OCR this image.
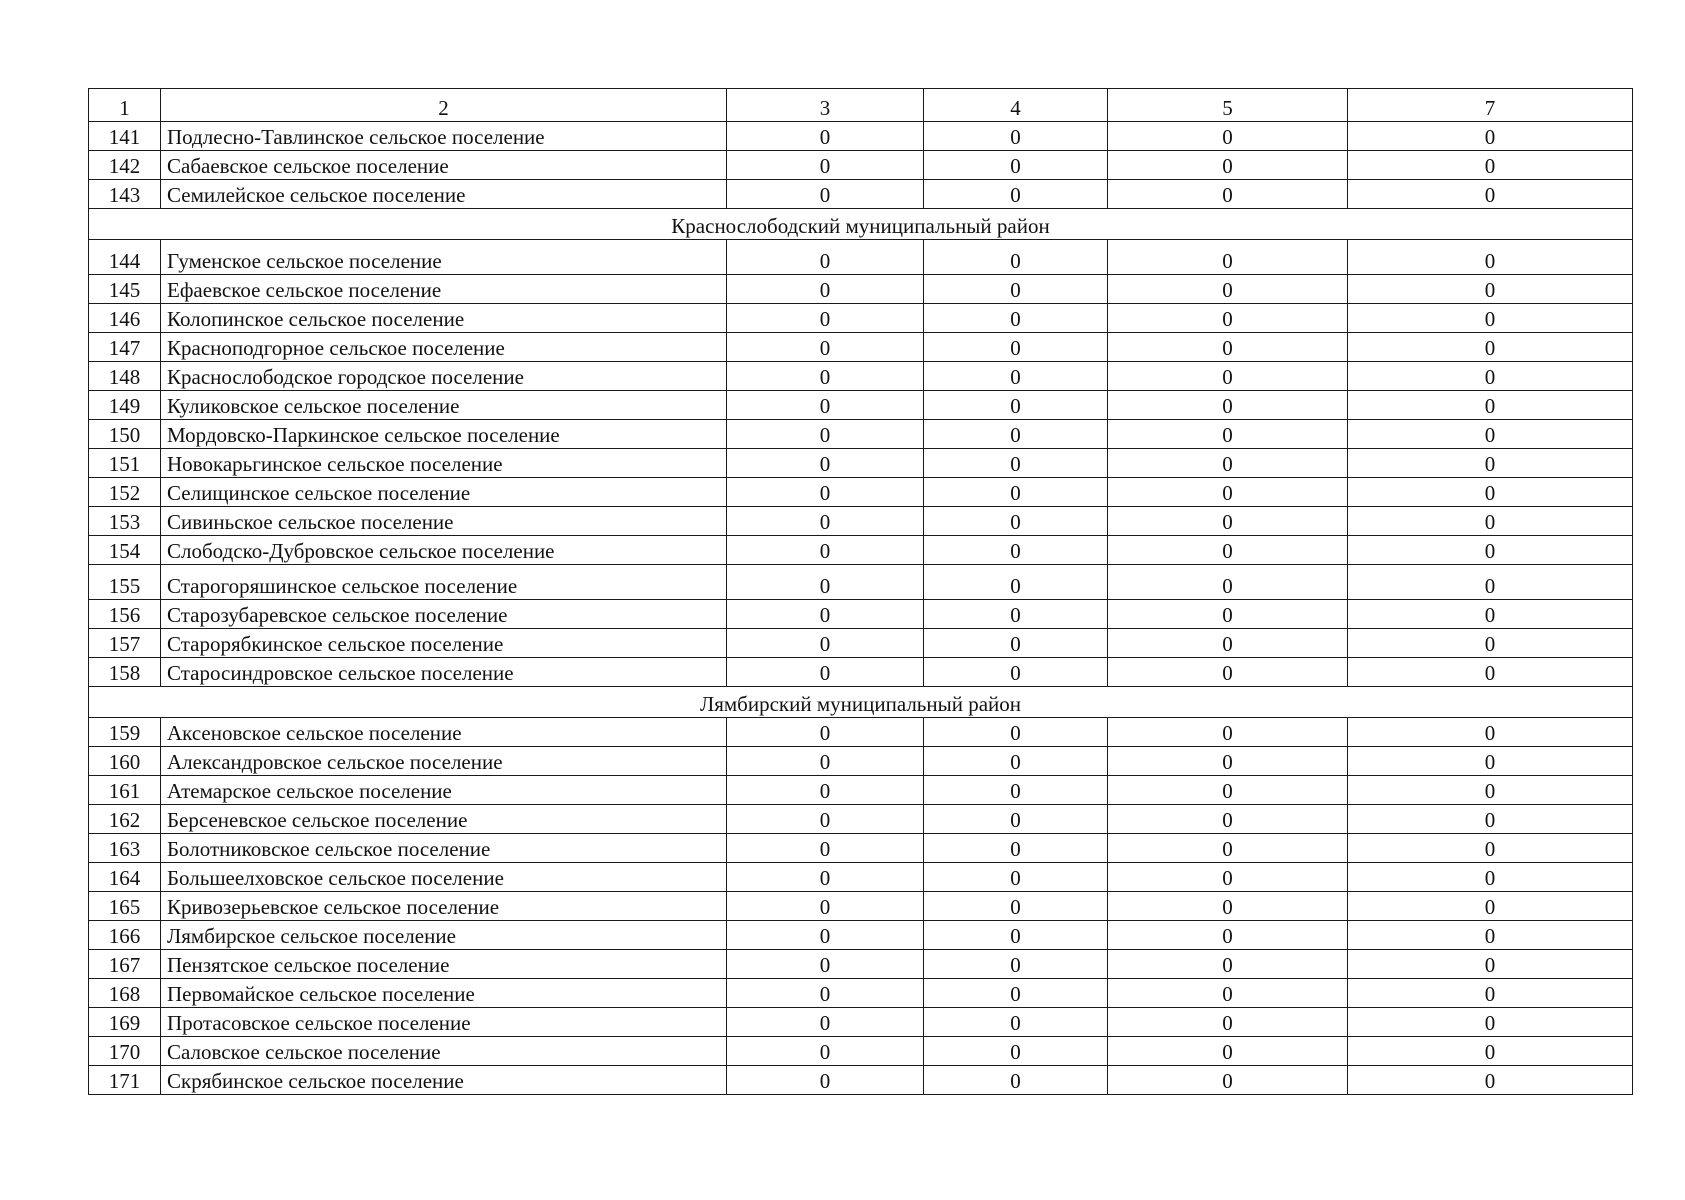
1	2	3	4	5	7
141	Подлесно-Тавлинское сельское поселение	0	0	0	0
142	Сабаевское сельское поселение	0	0	0	0
143	Семилейское сельское поселение	0	0	0	0
Краснослободский муниципальный район					
144	Гуменское сельское поселение	0	0	0	0
145	Ефаевское сельское поселение	0	0	0	0
146	Колопинское сельское поселение	0	0	0	0
147	Красноподгорное сельское поселение	0	0	0	0
148	Краснослободское городское поселение	0	0	0	0
149	Куликовское сельское поселение	0	0	0	0
150	Мордовско-Паркинское сельское поселение	0	0	0	0
151	Новокарьгинское сельское поселение	0	0	0	0
152	Селищинское сельское поселение	0	0	0	0
153	Сивиньское сельское поселение	0	0	0	0
154	Слободско-Дубровское сельское поселение	0	0	0	0
155	Старогоряшинское сельское поселение	0	0	0	0
156	Старозубаревское сельское поселение	0	0	0	0
157	Старорябкинское сельское поселение	0	0	0	0
158	Старосиндровское сельское поселение	0	0	0	0
Лямбирский муниципальный район					
159	Аксеновское сельское поселение	0	0	0	0
160	Александровское сельское поселение	0	0	0	0
161	Атемарское сельское поселение	0	0	0	0
162	Берсеневское сельское поселение	0	0	0	0
163	Болотниковское сельское поселение	0	0	0	0
164	Большеелховское сельское поселение	0	0	0	0
165	Кривозерьевское сельское поселение	0	0	0	0
166	Лямбирское сельское поселение	0	0	0	0
167	Пензятское сельское поселение	0	0	0	0
168	Первомайское сельское поселение	0	0	0	0
169	Протасовское сельское поселение	0	0	0	0
170	Саловское сельское поселение	0	0	0	0
171	Скрябинское сельское поселение	0	0	0	0
